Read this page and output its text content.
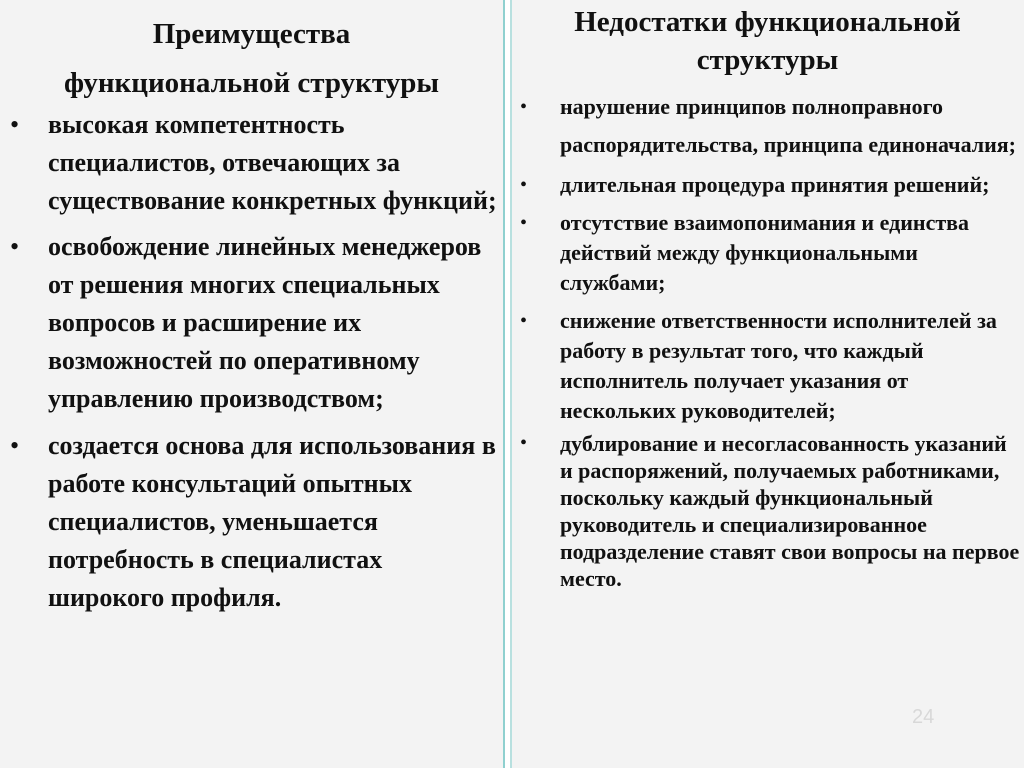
Преимущества
функциональной структуры
• высокая компетентность специалистов, отвечающих за существование конкретных функций;
• освобождение линейных менеджеров от решения многих специальных вопросов и расширение их возможностей по оперативному управлению производством;
• создается основа для использования в работе консультаций опытных специалистов, уменьшается потребность в специалистах широкого профиля.
Недостатки функциональной
структуры
• нарушение принципов полноправного распорядительства, принципа единоначалия;
• длительная процедура принятия решений;
• отсутствие взаимопонимания и единства действий между функциональными службами;
• снижение ответственности исполнителей за работу в результат того, что каждый исполнитель получает указания от нескольких руководителей;
• дублирование и несогласованность указаний и распоряжений, получаемых работниками, поскольку каждый функциональный руководитель и специализированное подразделение ставят свои вопросы на первое место.
24
